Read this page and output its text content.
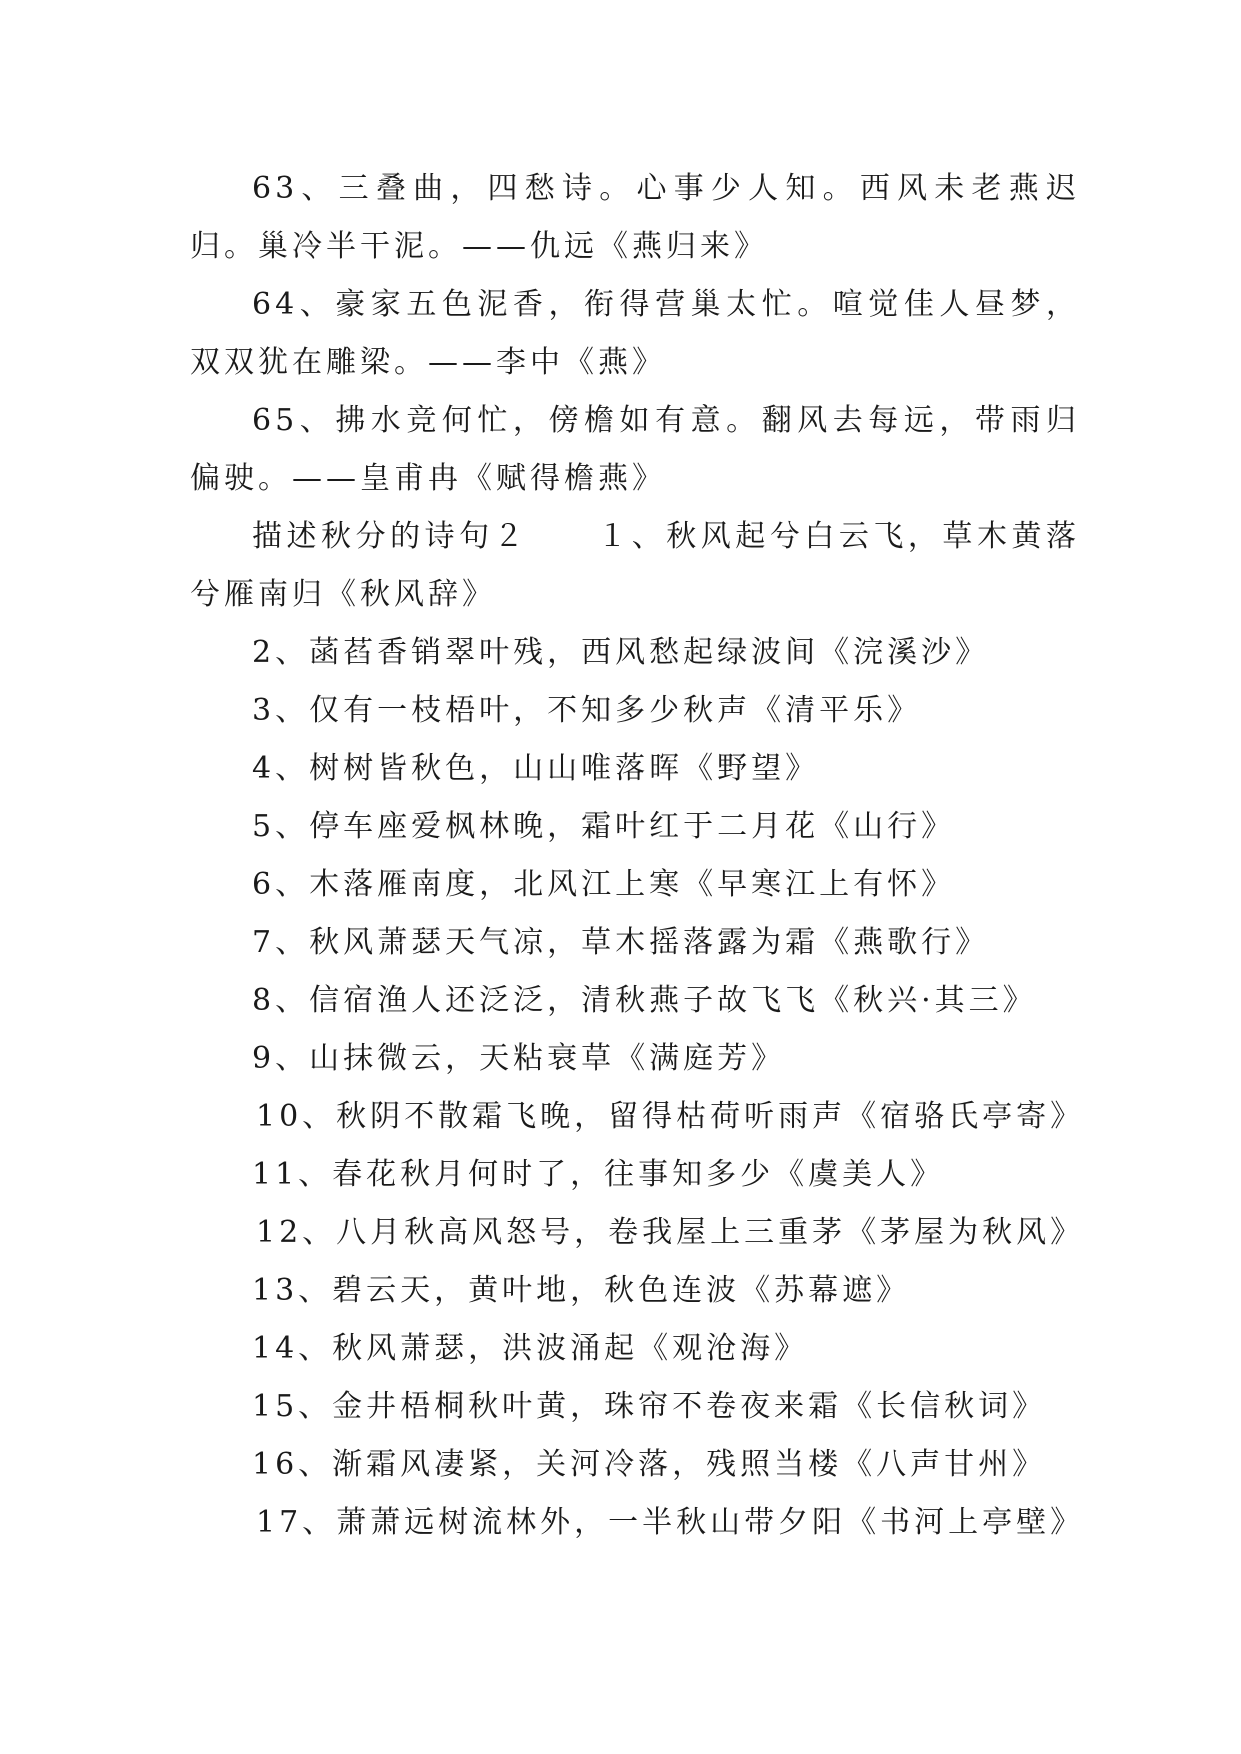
63、三叠曲，四愁诗。心事少人知。西风未老燕迟归。巢冷半干泥。——仇远《燕归来》

64、豪家五色泥香，衔得营巢太忙。喧觉佳人昼梦，双双犹在雕梁。——李中《燕》

65、拂水竞何忙，傍檐如有意。翻风去每远，带雨归偏驶。——皇甫冉《赋得檐燕》

描述秋分的诗句２　　１、秋风起兮白云飞，草木黄落兮雁南归《秋风辞》

2、菡萏香销翠叶残，西风愁起绿波间《浣溪沙》

3、仅有一枝梧叶，不知多少秋声《清平乐》

4、树树皆秋色，山山唯落晖《野望》

5、停车座爱枫林晚，霜叶红于二月花《山行》

6、木落雁南度，北风江上寒《早寒江上有怀》

7、秋风萧瑟天气凉，草木摇落露为霜《燕歌行》

8、信宿渔人还泛泛，清秋燕子故飞飞《秋兴·其三》

9、山抹微云，天粘衰草《满庭芳》

10、秋阴不散霜飞晚，留得枯荷听雨声《宿骆氏亭寄》

11、春花秋月何时了，往事知多少《虞美人》

12、八月秋高风怒号，卷我屋上三重茅《茅屋为秋风》

13、碧云天，黄叶地，秋色连波《苏幕遮》

14、秋风萧瑟，洪波涌起《观沧海》

15、金井梧桐秋叶黄，珠帘不卷夜来霜《长信秋词》

16、渐霜风凄紧，关河冷落，残照当楼《八声甘州》

17、萧萧远树流林外，一半秋山带夕阳《书河上亭壁》
